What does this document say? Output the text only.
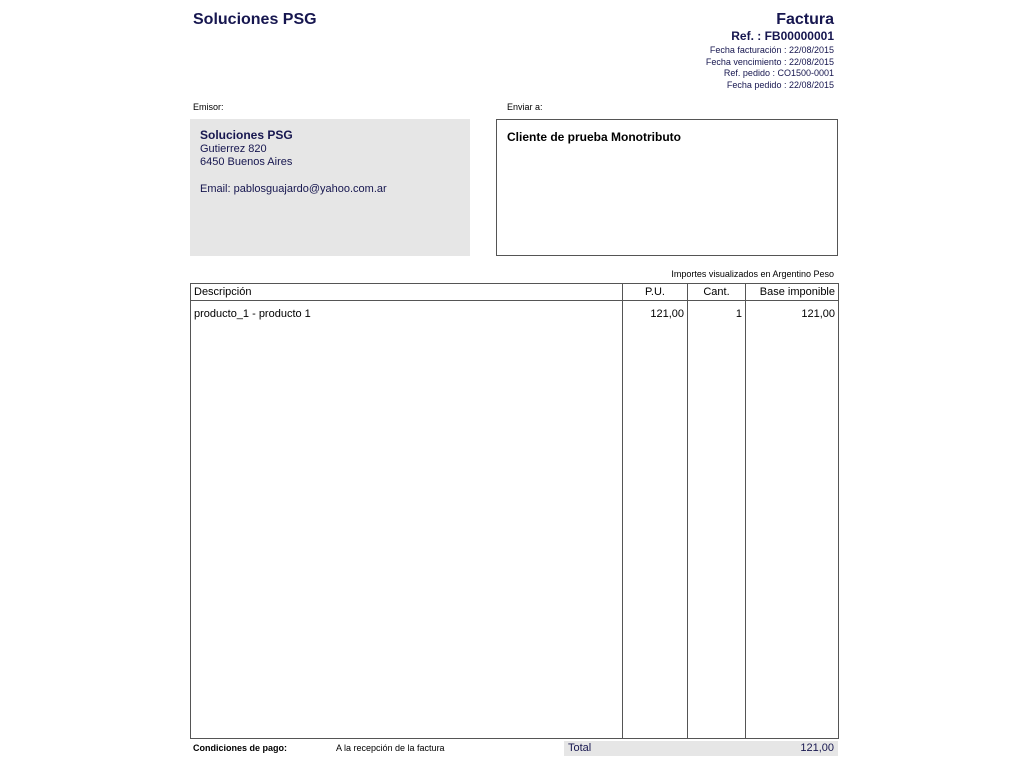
Soluciones PSG	Factura
Ref. : FB00000001
Fecha facturación : 22/08/2015
Fecha vencimiento : 22/08/2015
Ref. pedido : CO1500-0001
Fecha pedido : 22/08/2015
Emisor:	Enviar a:
Soluciones PSG
Gutierrez 820
6450 Buenos Aires
Email: pablosguajardo@yahoo.com.ar
Cliente de prueba Monotributo
Importes visualizados en Argentino Peso
Descripción	P.U.	Cant.	Base imponible
producto_1 - producto 1	121,00	1	121,00

Condiciones de pago:	A la recepción de la factura	Total	121,00
